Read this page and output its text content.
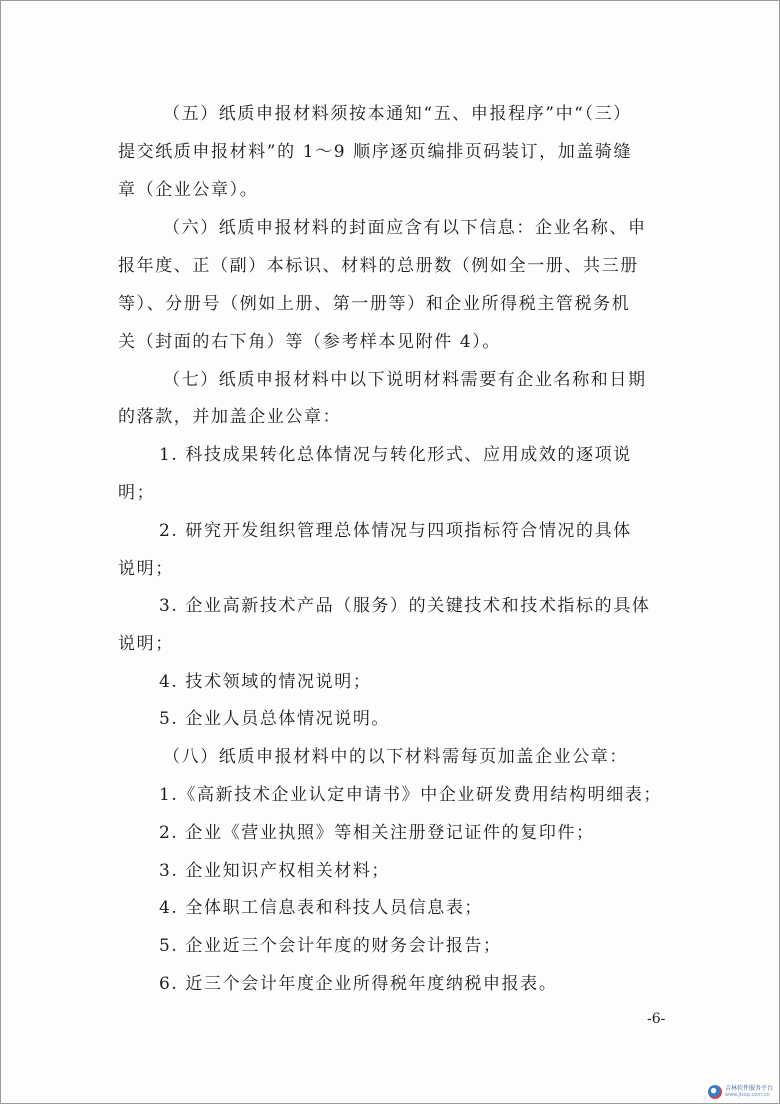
（五）纸质申报材料须按本通知“五、申报程序”中“（三）
提交纸质申报材料”的 1～9 顺序逐页编排页码装订，加盖骑缝
章（企业公章）。
（六）纸质申报材料的封面应含有以下信息：企业名称、申
报年度、正（副）本标识、材料的总册数（例如全一册、共三册
等）、分册号（例如上册、第一册等）和企业所得税主管税务机
关（封面的右下角）等（参考样本见附件 4）。
（七）纸质申报材料中以下说明材料需要有企业名称和日期
的落款，并加盖企业公章：
1. 科技成果转化总体情况与转化形式、应用成效的逐项说
明；
2. 研究开发组织管理总体情况与四项指标符合情况的具体
说明；
3. 企业高新技术产品（服务）的关键技术和技术指标的具体
说明；
4. 技术领域的情况说明；
5. 企业人员总体情况说明。
（八）纸质申报材料中的以下材料需每页加盖企业公章：
1.《高新技术企业认定申请书》中企业研发费用结构明细表；
2. 企业《营业执照》等相关注册登记证件的复印件；
3. 企业知识产权相关材料；
4. 全体职工信息表和科技人员信息表；
5. 企业近三个会计年度的财务会计报告；
6. 近三个会计年度企业所得税年度纳税申报表。
-6-
吉林软件服务平台
www.jlsxp.com.cn
